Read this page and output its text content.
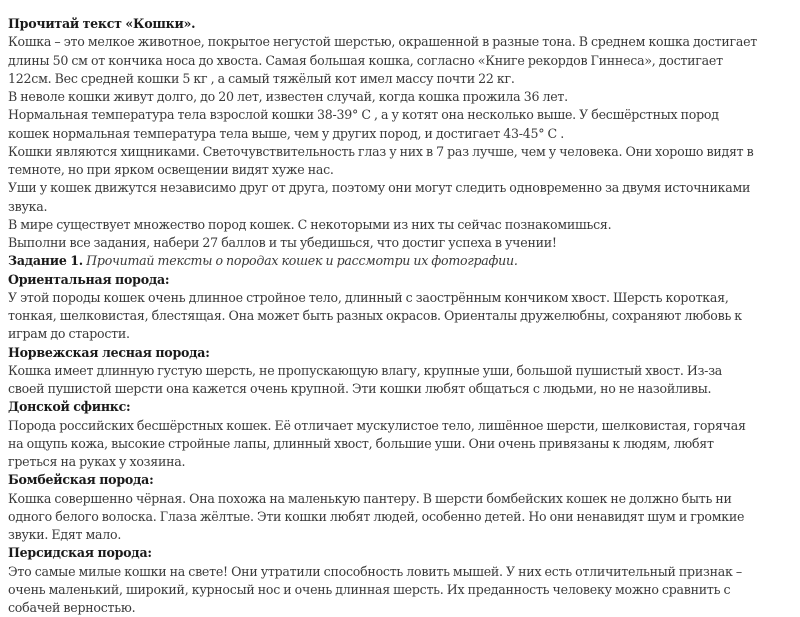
Прочитай текст «Кошки».
Кошка – это мелкое животное, покрытое негустой шерстью, окрашенной в разные тона. В среднем кошка достигает
длины 50 см от кончика носа до хвоста. Самая большая кошка, согласно «Книге рекордов Гиннеса», достигает
122см. Вес средней кошки 5 кг , а самый тяжёлый кот имел массу почти 22 кг.
В неволе кошки живут долго, до 20 лет, известен случай, когда кошка прожила 36 лет.
Нормальная температура тела взрослой кошки 38-39° С , а у котят она несколько выше. У бесшёрстных пород
кошек нормальная температура тела выше, чем у других пород, и достигает 43-45° С .
Кошки являются хищниками. Светочувствительность глаз у них в 7 раз лучше, чем у человека. Они хорошо видят в
темноте, но при ярком освещении видят хуже нас.
Уши у кошек движутся независимо друг от друга, поэтому они могут следить одновременно за двумя источниками
звука.
В мире существует множество пород кошек. С некоторыми из них ты сейчас познакомишься.
Выполни все задания, набери 27 баллов и ты убедишься, что достиг успеха в учении!
Задание 1. Прочитай тексты о породах кошек и рассмотри их фотографии.
Ориентальная порода:
У этой породы кошек очень длинное стройное тело, длинный с заострённым кончиком хвост. Шерсть короткая,
тонкая, шелковистая, блестящая. Она может быть разных окрасов. Ориенталы дружелюбны, сохраняют любовь к
играм до старости.
Норвежская лесная порода:
Кошка имеет длинную густую шерсть, не пропускающую влагу, крупные уши, большой пушистый хвост. Из-за
своей пушистой шерсти она кажется очень крупной. Эти кошки любят общаться с людьми, но не назойливы.
Донской сфинкс:
Порода российских бесшёрстных кошек. Её отличает мускулистое тело, лишённое шерсти, шелковистая, горячая
на ощупь кожа, высокие стройные лапы, длинный хвост, большие уши. Они очень привязаны к людям, любят
греться на руках у хозяина.
Бомбейская порода:
Кошка совершенно чёрная. Она похожа на маленькую пантеру. В шерсти бомбейских кошек не должно быть ни
одного белого волоска. Глаза жёлтые. Эти кошки любят людей, особенно детей. Но они ненавидят шум и громкие
звуки. Едят мало.
Персидская порода:
Это самые милые кошки на свете! Они утратили способность ловить мышей. У них есть отличительный признак –
очень маленький, широкий, курносый нос и очень длинная шерсть. Их преданность человеку можно сравнить с
собачей верностью.
